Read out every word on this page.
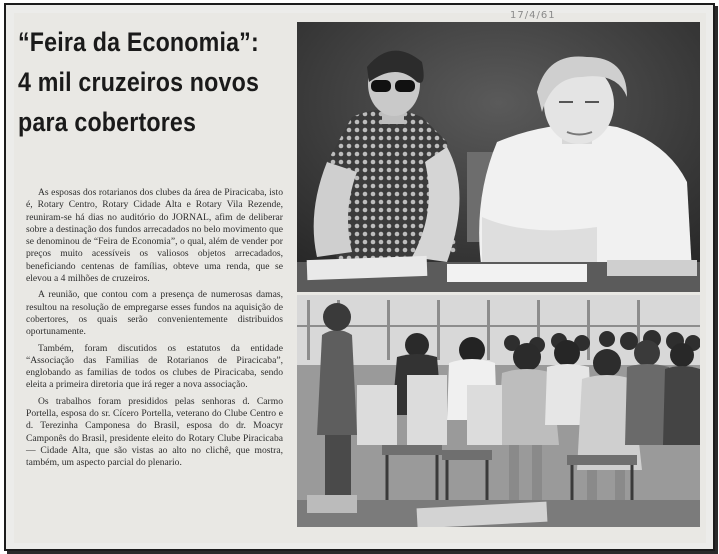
17/4/61
“Feira da Economia”:
4 mil cruzeiros novos
para cobertores

As esposas dos rotarianos dos clubes da área de Piracicaba, isto é, Rotary Centro, Rotary Cidade Alta e Rotary Vila Rezende, reuniram-se há dias no auditório do JORNAL, afim de deliberar sobre a destinação dos fundos arrecadados no belo movimento que se denominou de “Feira de Economia”, o qual, além de vender por preços muito acessíveis os valiosos objetos arrecadados, beneficiando centenas de famílias, obteve uma renda, que se elevou a 4 milhões de cruzeiros.

A reunião, que contou com a presença de numerosas damas, resultou na resolução de empregarse esses fundos na aquisição de cobertores, os quais serão convenientemente distribuidos oportunamente.

Também, foram discutidos os estatutos da entidade “Associação das Familias de Rotarianos de Piracicaba”, englobando as familias de todos os clubes de Piracicaba, sendo eleita a primeira diretoria que irá reger a nova associação.

Os trabalhos foram presididos pelas senhoras d. Carmo Portella, esposa do sr. Cícero Portella, veterano do Clube Centro e d. Terezinha Camponesa do Brasil, esposa do dr. Moacyr Camponês do Brasil, presidente eleito do Rotary Clube Piracicaba — Cidade Alta, que são vistas ao alto no clichê, que mostra, também, um aspecto parcial do plenario.
